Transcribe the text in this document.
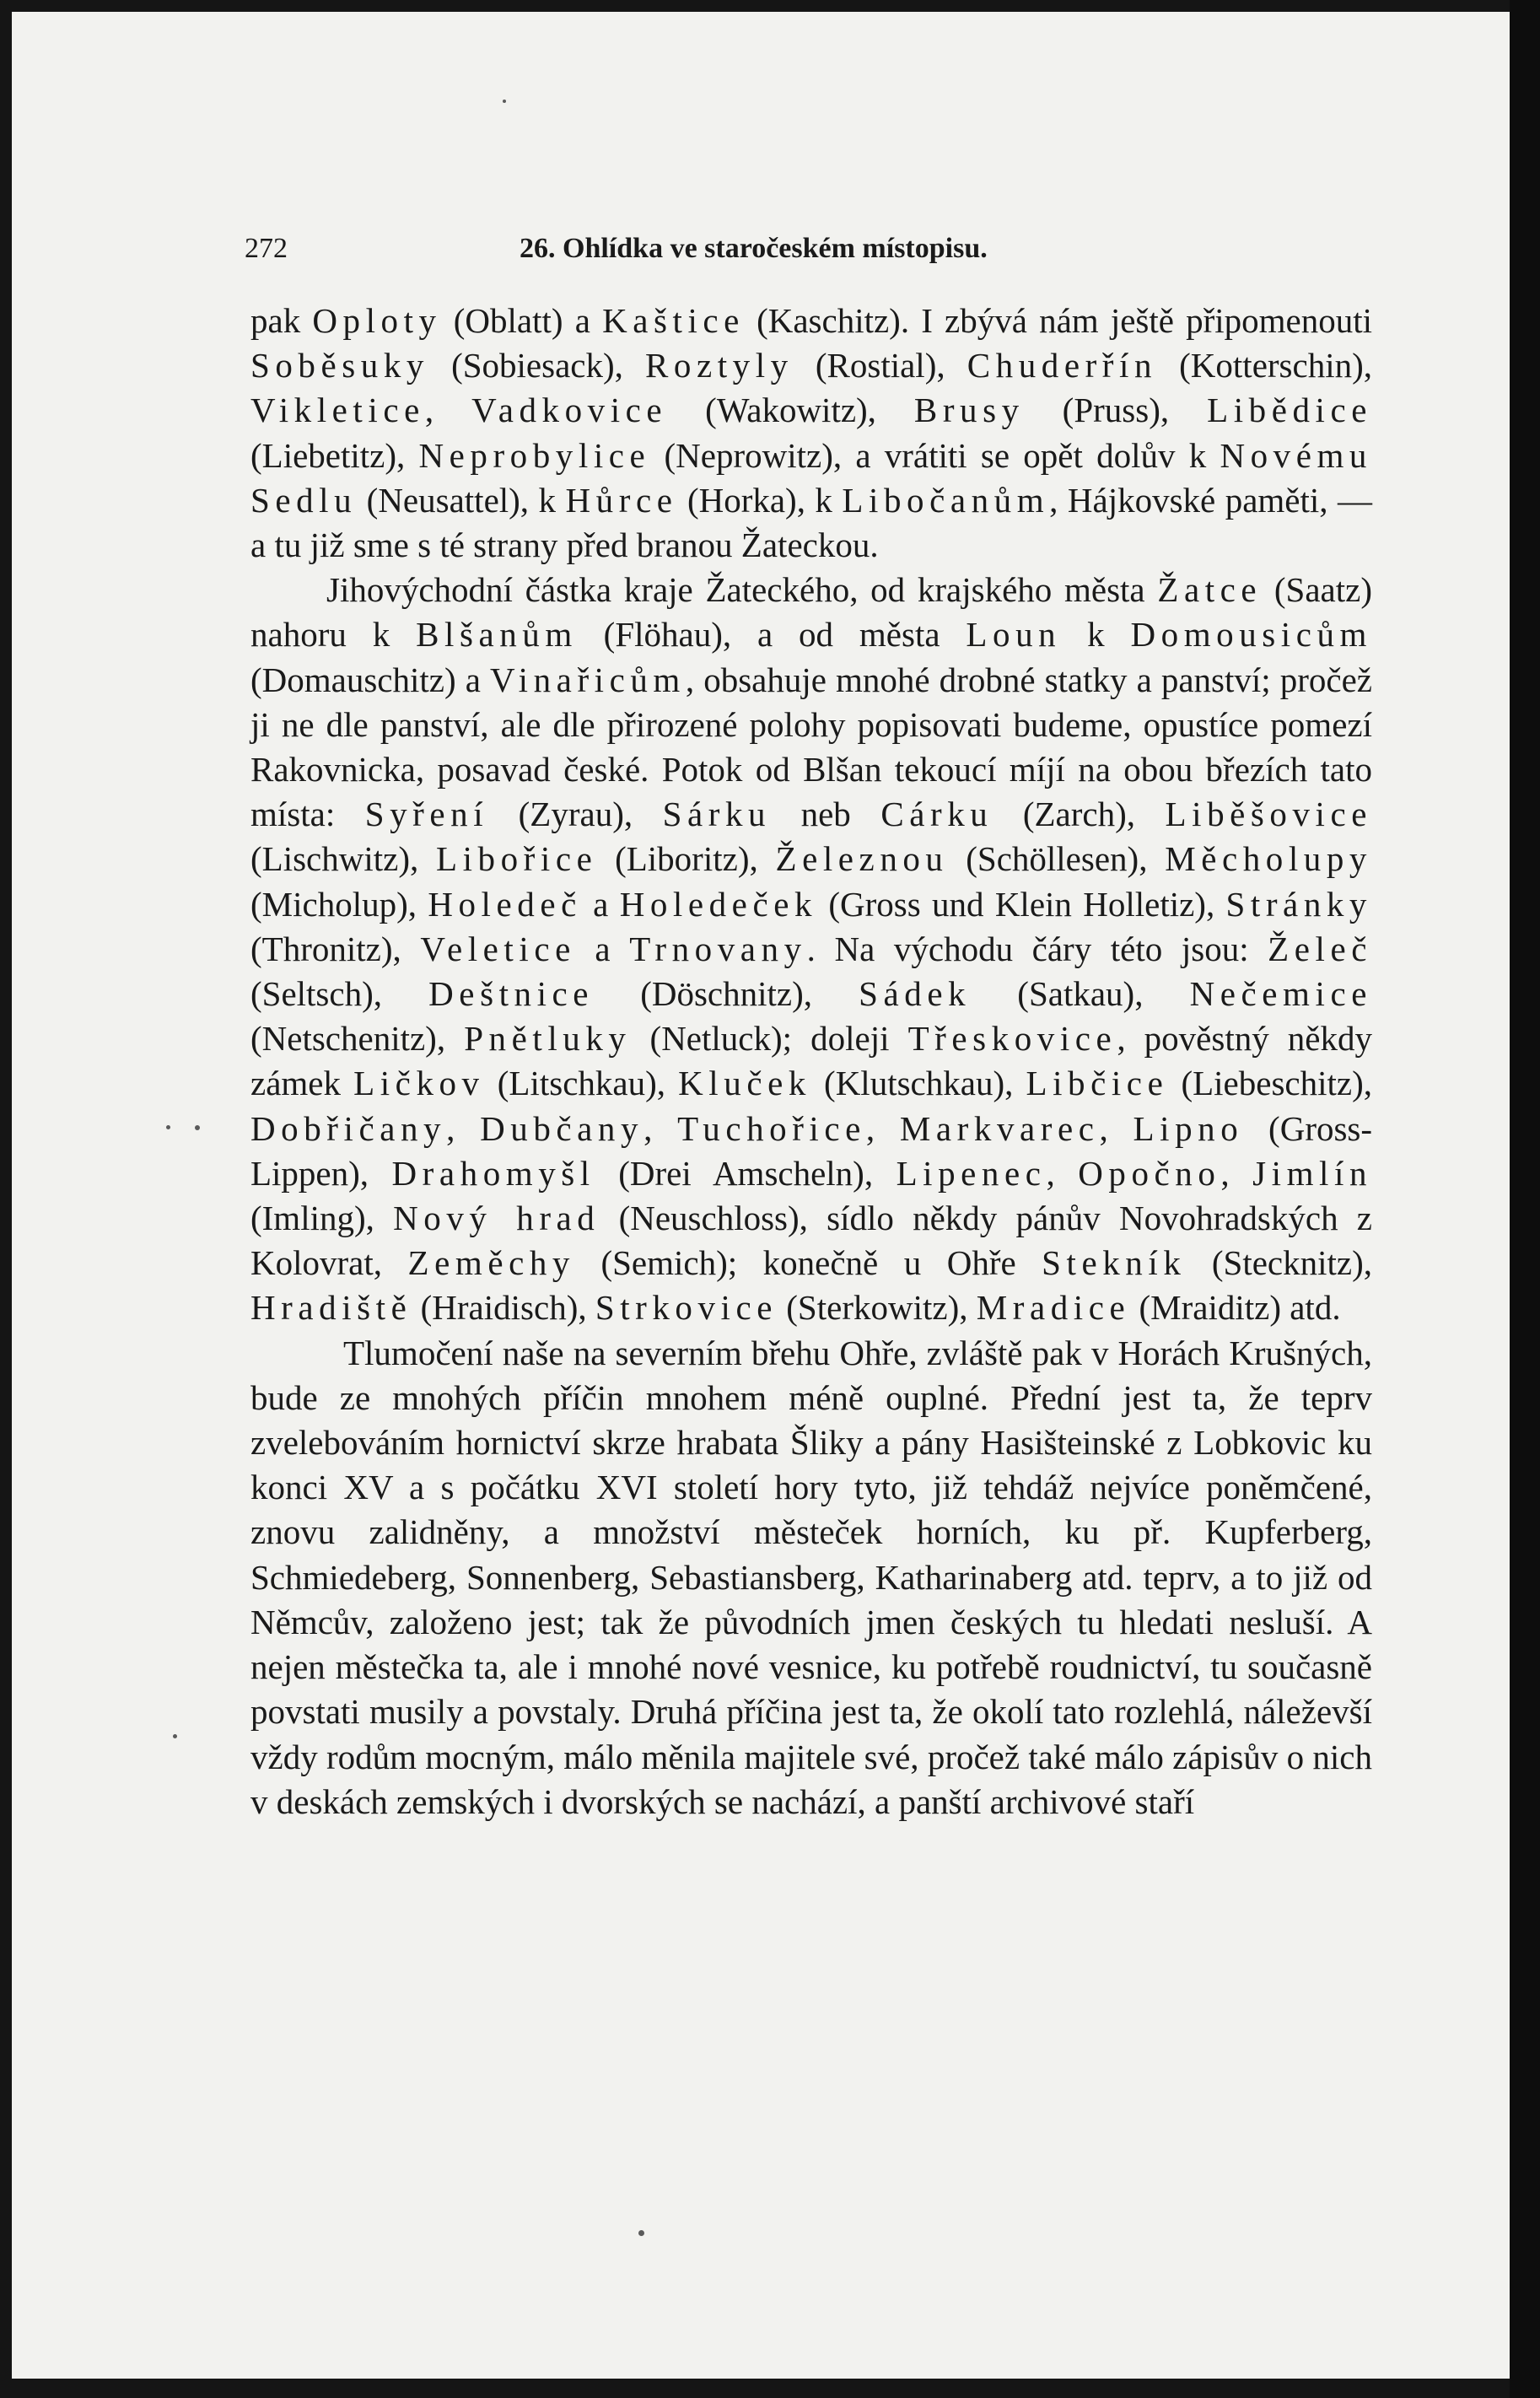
272	26. Ohlídka ve staročeském místopisu.

pak Oploty (Oblatt) a Kaštice (Kaschitz). I zbývá nám ještě připomenouti Soběsuky (Sobiesack), Roztyly (Rostial), Chuderřín (Kotterschin), Vikletice, Vadkovice (Wakowitz), Brusy (Pruss), Libědice (Liebetitz), Neprobylice (Neprowitz), a vrátiti se opět dolův k Novému Sedlu (Neusattel), k Hůrce (Horka), k Libočanům, Hájkovské paměti, — a tu již sme s té strany před branou Žateckou.

Jihovýchodní částka kraje Žateckého, od krajského města Žatce (Saatz) nahoru k Blšanům (Flöhau), a od města Loun k Domousicům (Domauschitz) a Vinařicům, obsahuje mnohé drobné statky a panství; pročež ji ne dle panství, ale dle přirozené polohy popisovati budeme, opustíce pomezí Rakovnicka, posavad české. Potok od Blšan tekoucí míjí na obou březích tato místa: Syření (Zyrau), Sárku neb Cárku (Zarch), Liběšovice (Lischwitz), Libořice (Liboritz), Železnou (Schöllesen), Měcholupy (Micholup), Holedeč a Holedeček (Gross und Klein Holletiz), Stránky (Thronitz), Veletice a Trnovany. Na východu čáry této jsou: Želeč (Seltsch), Deštnice (Döschnitz), Sádek (Satkau), Nečemice (Netschenitz), Pnětluky (Netluck); doleji Třeskovice, pověstný někdy zámek Ličkov (Litschkau), Kluček (Klutschkau), Libčice (Liebeschitz), Dobřičany, Dubčany, Tuchořice, Markvarec, Lipno (Gross-Lippen), Drahomyšl (Drei Amscheln), Lipenec, Opočno, Jimlín (Imling), Nový hrad (Neuschloss), sídlo někdy pánův Novohradských z Kolovrat, Zeměchy (Semich); konečně u Ohře Stekník (Stecknitz), Hradiště (Hraidisch), Strkovice (Sterkowitz), Mradice (Mraiditz) atd.

Tlumočení naše na severním břehu Ohře, zvláště pak v Horách Krušných, bude ze mnohých příčin mnohem méně ouplné. Přední jest ta, že teprv zvelebováním hornictví skrze hrabata Šliky a pány Hasišteinské z Lobkovic ku konci XV a s počátku XVI století hory tyto, již tehdáž nejvíce poněmčené, znovu zalidněny, a množství městeček horních, ku př. Kupferberg, Schmiedeberg, Sonnenberg, Sebastiansberg, Katharinaberg atd. teprv, a to již od Němcův, založeno jest; tak že původních jmen českých tu hledati nesluší. A nejen městečka ta, ale i mnohé nové vesnice, ku potřebě roudnictví, tu současně povstati musily a povstaly. Druhá příčina jest ta, že okolí tato rozlehlá, náleževší vždy rodům mocným, málo měnila majitele své, pročež také málo zápisův o nich v deskách zemských i dvorských se nachází, a panští archivové staří
